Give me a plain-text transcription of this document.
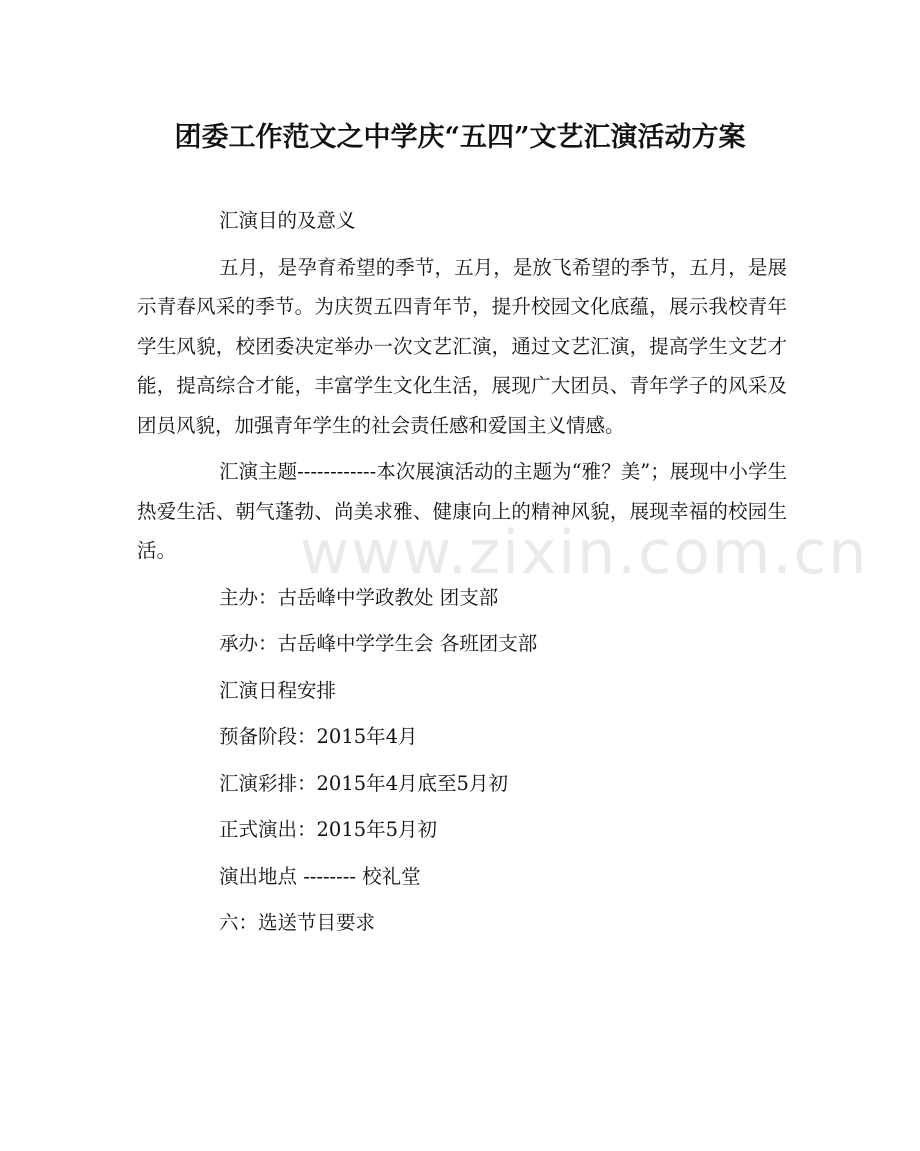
团委工作范文之中学庆“五四”文艺汇演活动方案

汇演目的及意义

五月，是孕育希望的季节，五月，是放飞希望的季节，五月，是展示青春风采的季节。为庆贺五四青年节，提升校园文化底蕴，展示我校青年学生风貌，校团委决定举办一次文艺汇演，通过文艺汇演，提高学生文艺才能，提高综合才能，丰富学生文化生活，展现广大团员、青年学子的风采及团员风貌，加强青年学生的社会责任感和爱国主义情感。

汇演主题------------本次展演活动的主题为“雅？美”；展现中小学生热爱生活、朝气蓬勃、尚美求雅、健康向上的精神风貌，展现幸福的校园生活。

主办：古岳峰中学政教处 团支部

承办：古岳峰中学学生会 各班团支部

汇演日程安排

预备阶段：2015年4月

汇演彩排：2015年4月底至5月初

正式演出：2015年5月初

演出地点 -------- 校礼堂

六：选送节目要求

www.zixin.com.cn
